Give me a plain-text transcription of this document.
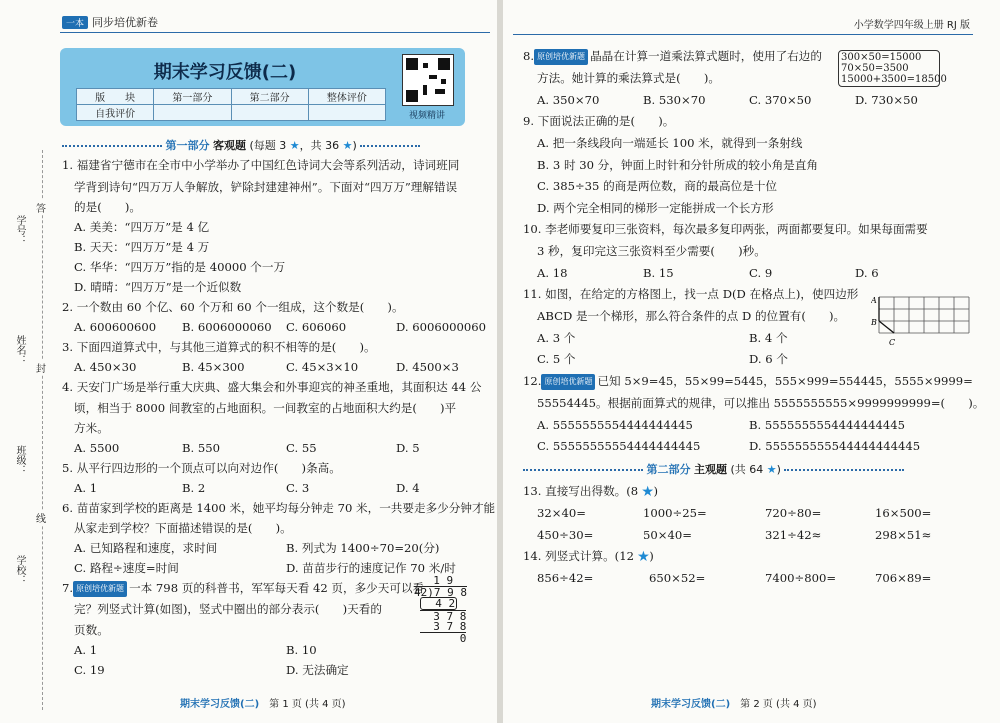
一本 同步培优新卷
期末学习反馈(二)
版　　块	第一部分	第二部分	整体评价
自我评价				视频精讲
第一部分 客观题 (每题 3 ★，共 36 ★)
答
封
线
学号：
姓名：
班级：
学校：
1. 福建省宁德市在全市中小学举办了中国红色诗词大会等系列活动，诗词班同
学背到诗句“四万万人争解放，铲除封建建神州”。下面对“四万万”理解错误
的是(　　)。
A. 美美：“四万万”是 4 亿
B. 天天：“四万万”是 4 万
C. 华华：“四万万”指的是 40000 个一万
D. 晴晴：“四万万”是一个近似数
2. 一个数由 60 个亿、60 个万和 60 个一组成，这个数是(　　)。
A. 600600600 B. 6006000060 C. 606060	D. 6006000060
3. 下面四道算式中，与其他三道算式的积不相等的是(　　)。
A. 450×30	B. 45×300	C. 45×3×10	D. 4500×3
4. 天安门广场是举行重大庆典、盛大集会和外事迎宾的神圣重地，其面积达 44 公
顷，相当于 8000 间教室的占地面积。一间教室的占地面积大约是(　　)平
方米。
A. 5500	B. 550	C. 55	D. 5
5. 从平行四边形的一个顶点可以向对边作(　　)条高。
A. 1	B. 2	C. 3	D. 4
6. 苗苗家到学校的距离是 1400 米，她平均每分钟走 70 米，一共要走多少分钟才能
从家走到学校？下面描述错误的是(　　)。
A. 已知路程和速度，求时间	B. 列式为 1400÷70=20(分)
C. 路程÷速度=时间	D. 苗苗步行的速度记作 70 米/时
7. 原创培优新题 一本 798 页的科普书，军军每天看 42 页，多少天可以看
完？列竖式计算(如图)，竖式中圈出的部分表示(　　)天看的
页数。
A. 1	B. 10
C. 19	D. 无法确定
1 9
42)7 9 8
4 2
3 7 8
3 7 8
0
期末学习反馈(二) 第 1 页 (共 4 页)
小学数学四年级上册 RJ 版
8. 原创培优新题 晶晶在计算一道乘法算式题时，使用了右边的 300×50=15000
70×50=3500
15000+3500=18500
方法。她计算的乘法算式是(　　)。
A. 350×70	B. 530×70	C. 370×50	D. 730×50
9. 下面说法正确的是(　　)。
A. 把一条线段向一端延长 100 米，就得到一条射线
B. 3 时 30 分，钟面上时针和分针所成的较小角是直角
C. 385÷35 的商是两位数，商的最高位是十位
D. 两个完全相同的梯形一定能拼成一个长方形
10. 李老师要复印三张资料，每次最多复印两张，两面都要复印。如果每面需要
3 秒，复印完这三张资料至少需要(　　)秒。
A. 18	B. 15	C. 9	D. 6
11. 如图，在给定的方格图上，找一点 D(D 在格点上)，使四边形
ABCD 是一个梯形，那么符合条件的点 D 的位置有(　　)。
A. 3 个	B. 4 个
C. 5 个	D. 6 个
A
B
C
12. 原创培优新题 已知 5×9=45，55×99=5445，555×999=554445，5555×9999=
55554445。根据前面算式的规律，可以推出 5555555555×9999999999=(　　)。
A. 5555555554444444445	B. 5555555554444444445
C. 55555555554444444445	D. 555555555544444444445
第二部分 主观题 (共 64 ★)
13. 直接写出得数。(8 ★)
32×40=	1000÷25=	720÷80=	16×500=
450÷30=	50×40=	321÷42≈	298×51≈
14. 列竖式计算。(12 ★)
856÷42=	650×52=	7400÷800=	706×89=
期末学习反馈(二) 第 2 页 (共 4 页)
